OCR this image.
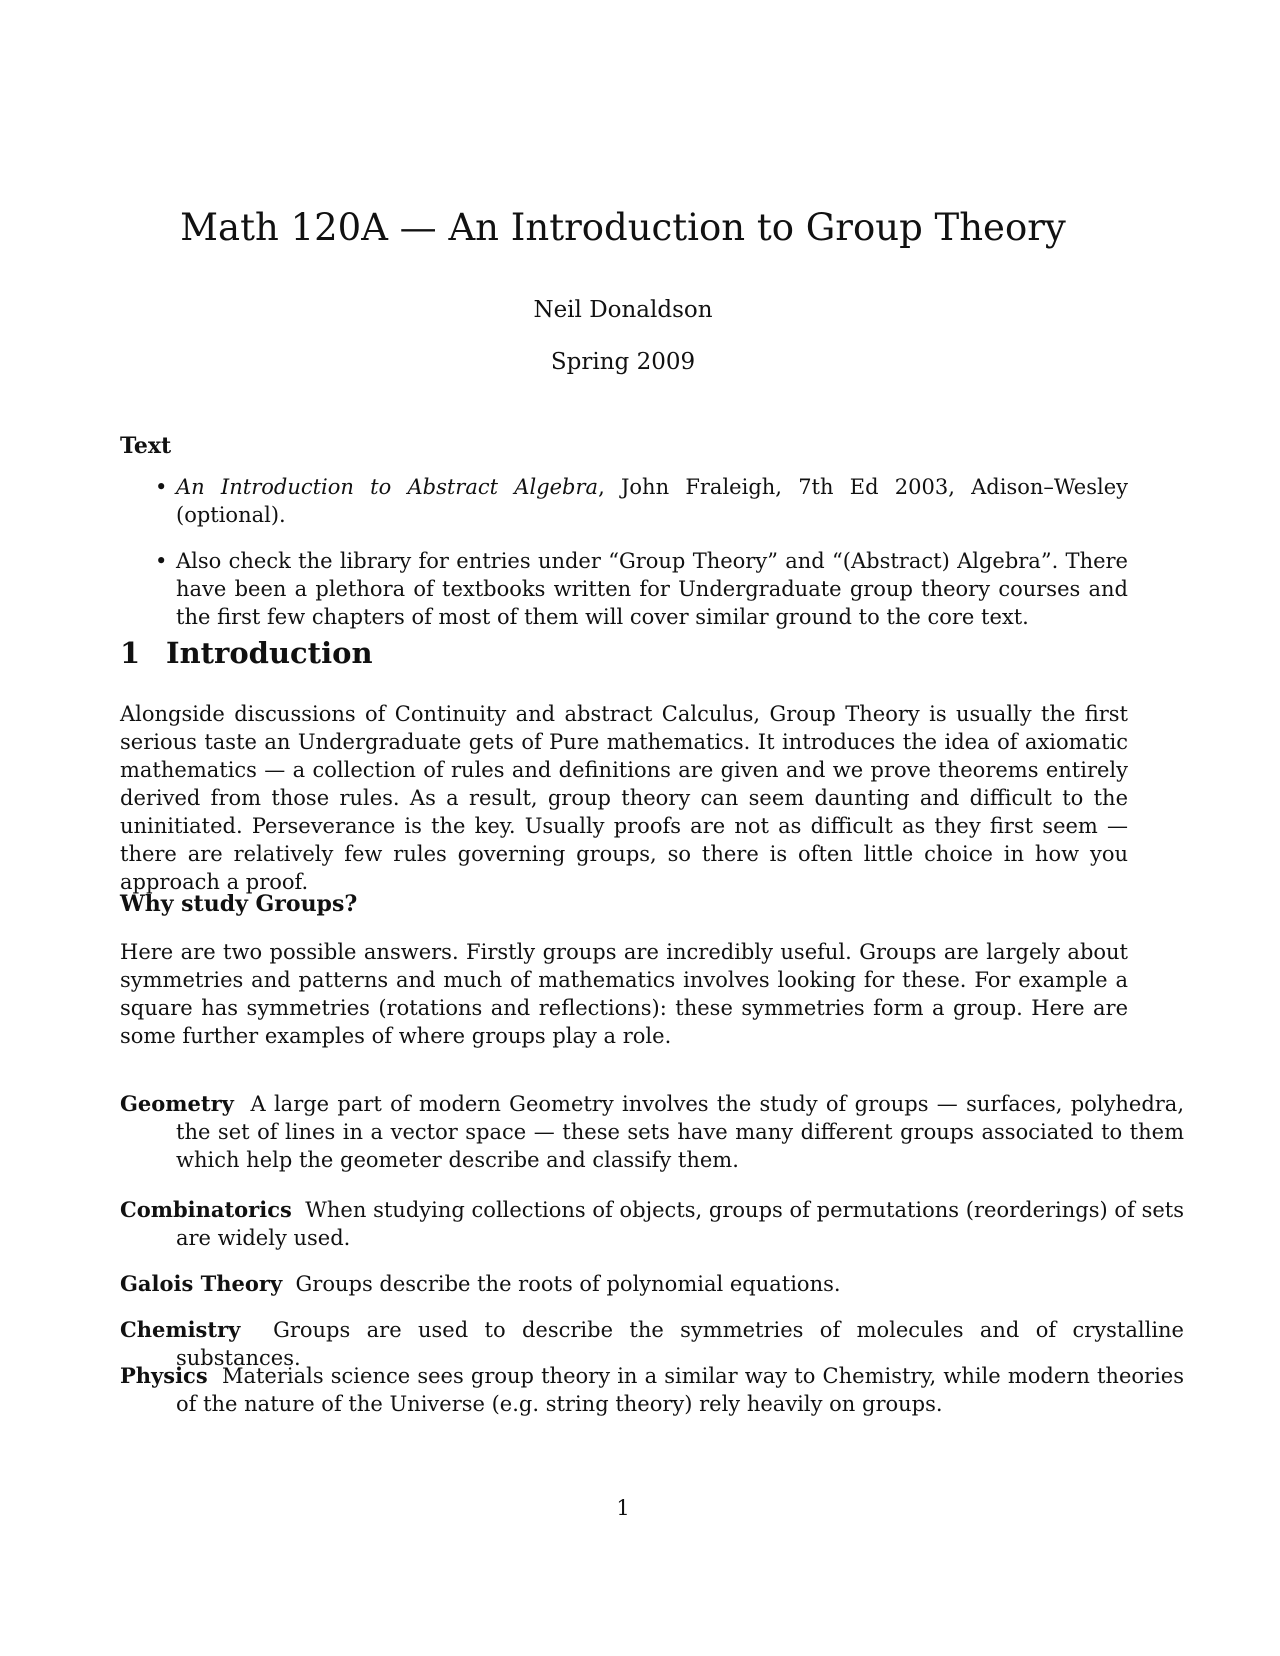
Math 120A — An Introduction to Group Theory
Neil Donaldson
Spring 2009
Text
• An Introduction to Abstract Algebra, John Fraleigh, 7th Ed 2003, Adison–Wesley (optional).
• Also check the library for entries under “Group Theory” and “(Abstract) Algebra”. There have been a plethora of textbooks written for Undergraduate group theory courses and the first few chapters of most of them will cover similar ground to the core text.
1 Introduction
Alongside discussions of Continuity and abstract Calculus, Group Theory is usually the first serious taste an Undergraduate gets of Pure mathematics. It introduces the idea of axiomatic mathematics — a collection of rules and definitions are given and we prove theorems entirely derived from those rules. As a result, group theory can seem daunting and difficult to the uninitiated. Perseverance is the key. Usually proofs are not as difficult as they first seem — there are relatively few rules governing groups, so there is often little choice in how you approach a proof.
Why study Groups?
Here are two possible answers. Firstly groups are incredibly useful. Groups are largely about symmetries and patterns and much of mathematics involves looking for these. For example a square has symmetries (rotations and reflections): these symmetries form a group. Here are some further examples of where groups play a role.
Geometry A large part of modern Geometry involves the study of groups — surfaces, polyhedra, the set of lines in a vector space — these sets have many different groups associated to them which help the geometer describe and classify them.
Combinatorics When studying collections of objects, groups of permutations (reorderings) of sets are widely used.
Galois Theory Groups describe the roots of polynomial equations.
Chemistry Groups are used to describe the symmetries of molecules and of crystalline substances.
Physics Materials science sees group theory in a similar way to Chemistry, while modern theories of the nature of the Universe (e.g. string theory) rely heavily on groups.
1
